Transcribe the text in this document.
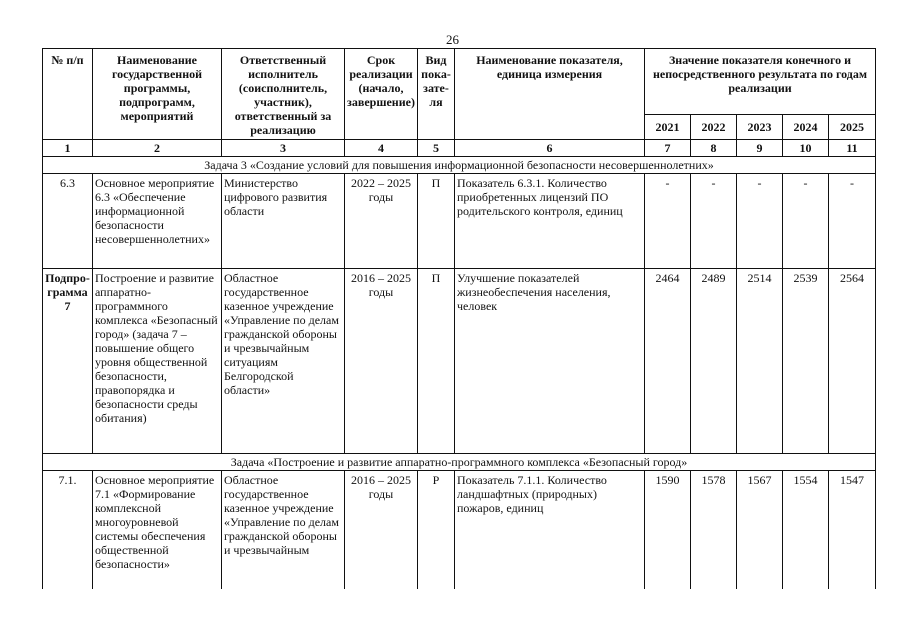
26
№ п/п	Наименование государственной программы, подпрограмм, мероприятий	Ответственный исполнитель (соисполнитель, участник), ответственный за реализацию	Срок реализации (начало, завершение)	Вид пока-зате-ля	Наименование показателя, единица измерения	Значение показателя конечного и непосредственного результата по годам реализации				
						2021	2022	2023	2024	2025
1	2	3	4	5	6	7	8	9	10	11
Задача 3 «Создание условий для повышения информационной безопасности несовершеннолетних»										
6.3	Основное мероприятие 6.3 «Обеспечение информационной безопасности несовершеннолетних»	Министерство цифрового развития области	2022 – 2025 годы	П	Показатель 6.3.1. Количество приобретенных лицензий ПО родительского контроля, единиц	-	-	-	-	-
Подпро-грамма 7	Построение и развитие аппаратно-программного комплекса «Безопасный город» (задача 7 – повышение общего уровня общественной безопасности, правопорядка и безопасности среды обитания)	Областное государственное казенное учреждение «Управление по делам гражданской обороны и чрезвычайным ситуациям Белгородской области»	2016 – 2025 годы	П	Улучшение показателей жизнеобеспечения населения, человек	2464	2489	2514	2539	2564
Задача «Построение и развитие аппаратно-программного комплекса «Безопасный город»										
7.1.	Основное мероприятие 7.1 «Формирование комплексной многоуровневой системы обеспечения общественной безопасности»	Областное государственное казенное учреждение «Управление по делам гражданской обороны и чрезвычайным	2016 – 2025 годы	Р	Показатель 7.1.1. Количество ландшафтных (природных) пожаров, единиц	1590	1578	1567	1554	1547
